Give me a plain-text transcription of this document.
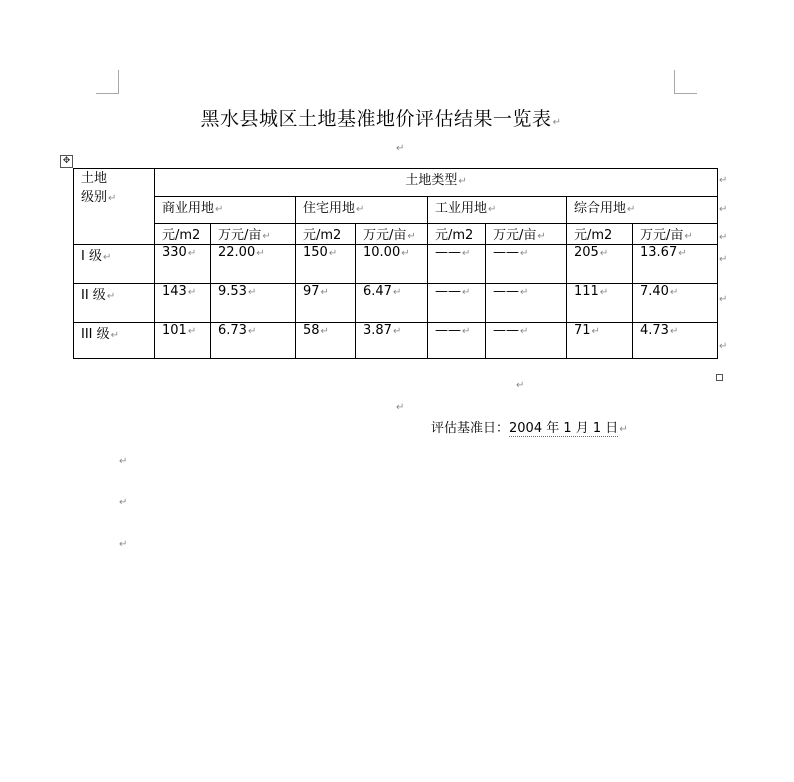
黑水县城区土地基准地价评估结果一览表↵
↵
✥
土地
级别↵	土地类型↵							
	商业用地↵		住宅用地↵		工业用地↵		综合用地↵	
	元/m2	万元/亩↵	元/m2	万元/亩↵	元/m2	万元/亩↵	元/m2	万元/亩↵
I 级↵	330↵	22.00↵	150↵	10.00↵	——↵	——↵	205↵	13.67↵
II 级↵	143↵	9.53↵	97↵	6.47↵	——↵	——↵	111↵	7.40↵
III 级↵	101↵	6.73↵	58↵	3.87↵	——↵	——↵	71↵	4.73↵
↵
↵
↵
↵
↵
↵
↵
↵
评估基准日：2004 年 1 月 1 日↵
↵
↵
↵
